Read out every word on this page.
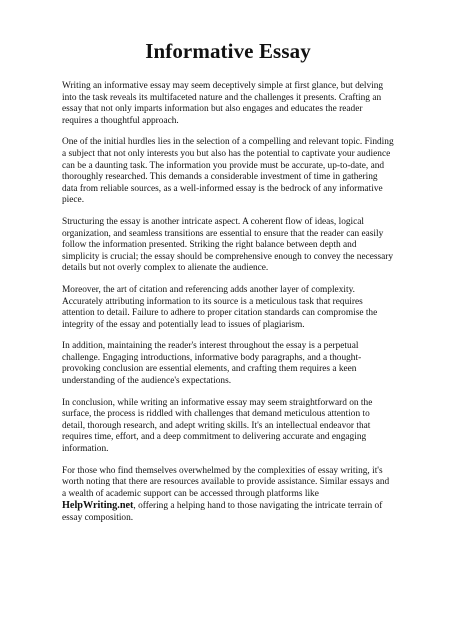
Informative Essay

Writing an informative essay may seem deceptively simple at first glance, but delving into the task reveals its multifaceted nature and the challenges it presents. Crafting an essay that not only imparts information but also engages and educates the reader requires a thoughtful approach.

One of the initial hurdles lies in the selection of a compelling and relevant topic. Finding a subject that not only interests you but also has the potential to captivate your audience can be a daunting task. The information you provide must be accurate, up-to-date, and thoroughly researched. This demands a considerable investment of time in gathering data from reliable sources, as a well-informed essay is the bedrock of any informative piece.

Structuring the essay is another intricate aspect. A coherent flow of ideas, logical organization, and seamless transitions are essential to ensure that the reader can easily follow the information presented. Striking the right balance between depth and simplicity is crucial; the essay should be comprehensive enough to convey the necessary details but not overly complex to alienate the audience.

Moreover, the art of citation and referencing adds another layer of complexity. Accurately attributing information to its source is a meticulous task that requires attention to detail. Failure to adhere to proper citation standards can compromise the integrity of the essay and potentially lead to issues of plagiarism.

In addition, maintaining the reader's interest throughout the essay is a perpetual challenge. Engaging introductions, informative body paragraphs, and a thought-provoking conclusion are essential elements, and crafting them requires a keen understanding of the audience's expectations.

In conclusion, while writing an informative essay may seem straightforward on the surface, the process is riddled with challenges that demand meticulous attention to detail, thorough research, and adept writing skills. It's an intellectual endeavor that requires time, effort, and a deep commitment to delivering accurate and engaging information.

For those who find themselves overwhelmed by the complexities of essay writing, it's worth noting that there are resources available to provide assistance. Similar essays and a wealth of academic support can be accessed through platforms like HelpWriting.net, offering a helping hand to those navigating the intricate terrain of essay composition.
